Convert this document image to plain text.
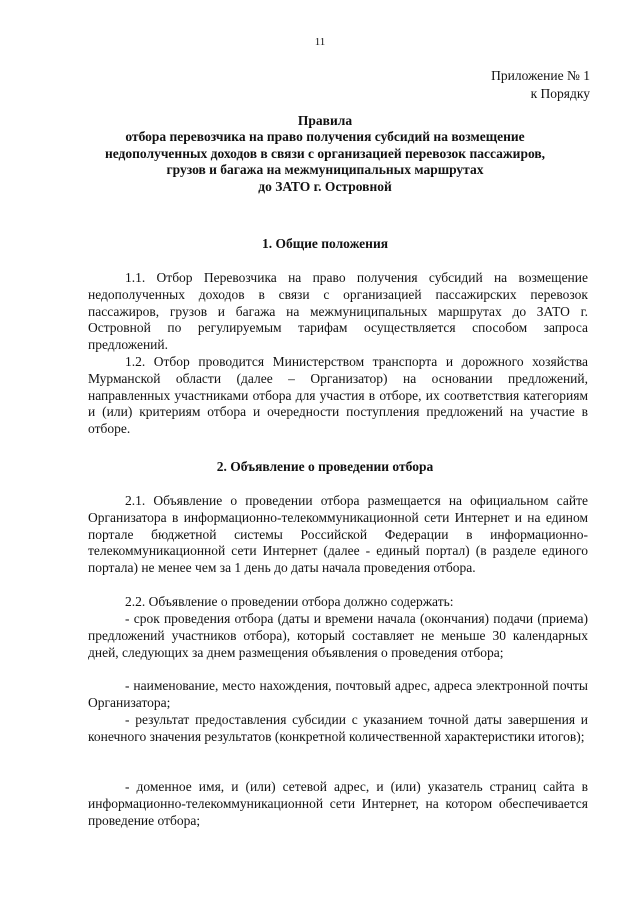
11
Приложение № 1
к Порядку
Правила
отбора перевозчика на право получения субсидий на возмещение
недополученных доходов в связи с организацией перевозок пассажиров,
грузов и багажа на межмуниципальных маршрутах
до ЗАТО г. Островной
1. Общие положения
1.1. Отбор Перевозчика на право получения субсидий на возмещение недополученных доходов в связи с организацией пассажирских перевозок пассажиров, грузов и багажа на межмуниципальных маршрутах до ЗАТО г. Островной по регулируемым тарифам осуществляется способом запроса предложений.
1.2. Отбор проводится Министерством транспорта и дорожного хозяйства Мурманской области (далее – Организатор) на основании предложений, направленных участниками отбора для участия в отборе, их соответствия категориям и (или) критериям отбора и очередности поступления предложений на участие в отборе.
2. Объявление о проведении отбора
2.1. Объявление о проведении отбора размещается на официальном сайте Организатора в информационно-телекоммуникационной сети Интернет и на едином портале бюджетной системы Российской Федерации в информационно-телекоммуникационной сети Интернет (далее - единый портал) (в разделе единого портала) не менее чем за 1 день до даты начала проведения отбора.
2.2. Объявление о проведении отбора должно содержать:
- срок проведения отбора (даты и времени начала (окончания) подачи (приема) предложений участников отбора), который составляет не меньше 30 календарных дней, следующих за днем размещения объявления о проведения отбора;
- наименование, место нахождения, почтовый адрес, адреса электронной почты Организатора;
- результат предоставления субсидии с указанием точной даты завершения и конечного значения результатов (конкретной количественной характеристики итогов);
- доменное имя, и (или) сетевой адрес, и (или) указатель страниц сайта в информационно-телекоммуникационной сети Интернет, на котором обеспечивается проведение отбора;
